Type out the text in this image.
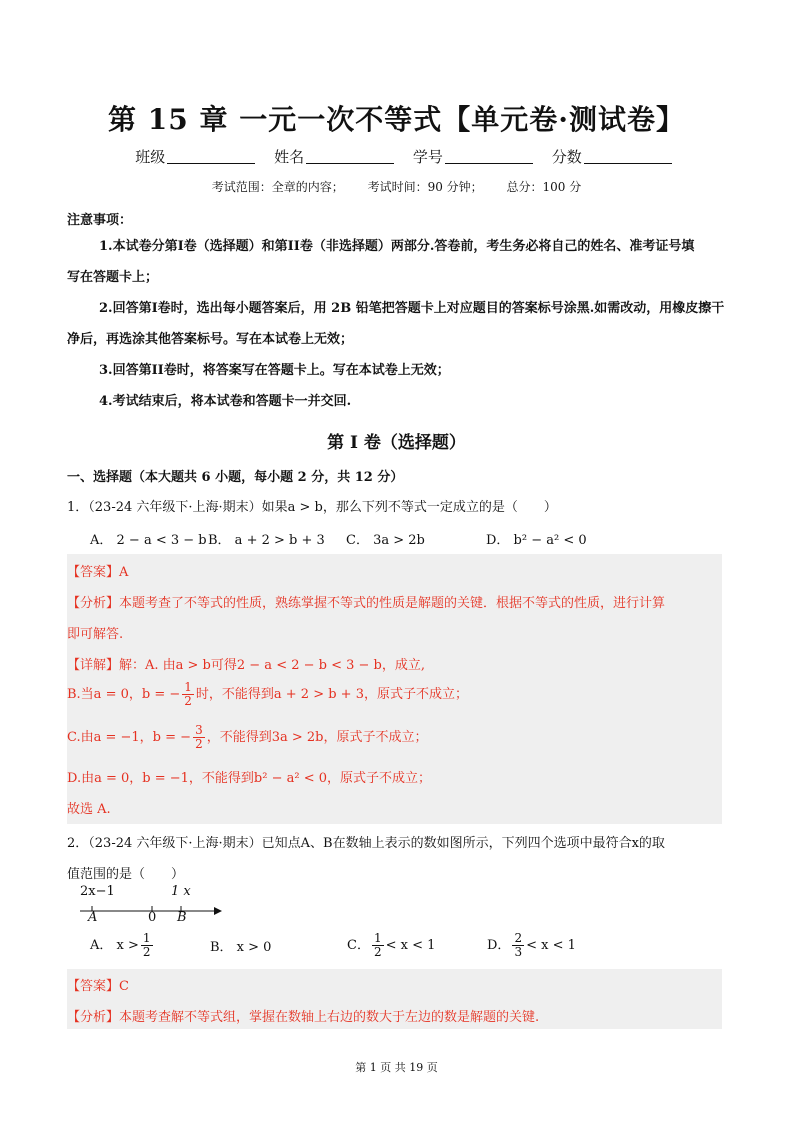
第 15 章 一元一次不等式【单元卷·测试卷】
班级	姓名	学号	分数
考试范围：全章的内容； 考试时间：90 分钟； 总分：100 分
注意事项：
1.本试卷分第I卷（选择题）和第II卷（非选择题）两部分.答卷前，考生务必将自己的姓名、准考证号填
写在答题卡上；
2.回答第I卷时，选出每小题答案后，用 2B 铅笔把答题卡上对应题目的答案标号涂黑.如需改动，用橡皮擦干
净后，再选涂其他答案标号。写在本试卷上无效；
3.回答第II卷时，将答案写在答题卡上。写在本试卷上无效；
4.考试结束后，将本试卷和答题卡一并交回.
第 I 卷（选择题）
一、选择题（本大题共 6 小题，每小题 2 分，共 12 分）
1．（23-24 六年级下·上海·期末）如果a > b，那么下列不等式一定成立的是（　　）
A． 2 − a < 3 − b B． a + 2 > b + 3	C． 3a > 2b	D． b² − a² < 0
【答案】A
【分析】本题考查了不等式的性质，熟练掌握不等式的性质是解题的关键．根据不等式的性质，进行计算
即可解答.
【详解】解：A. 由a > b可得2 − a < 2 − b < 3 − b，成立,
B.当a = 0，b = − $\frac{1}{2}$ 时，不能得到a + 2 > b + 3，原式子不成立；
C.由a = −1，b = − $\frac{3}{2}$ ，不能得到3a > 2b，原式子不成立；
D.由a = 0，b = −1，不能得到b² − a² < 0，原式子不成立；
故选 A.
2．（23-24 六年级下·上海·期末）已知点A、B在数轴上表示的数如图所示，下列四个选项中最符合x的取
值范围的是（　　）
2x−1	1 x
A	0 B
A． $x > \frac{1}{2}$	B． x > 0	C． $\frac{1}{2} < x < 1$	D． $\frac{2}{3} < x < 1$
【答案】C
【分析】本题考查解不等式组，掌握在数轴上右边的数大于左边的数是解题的关键.
第 1 页 共 19 页
